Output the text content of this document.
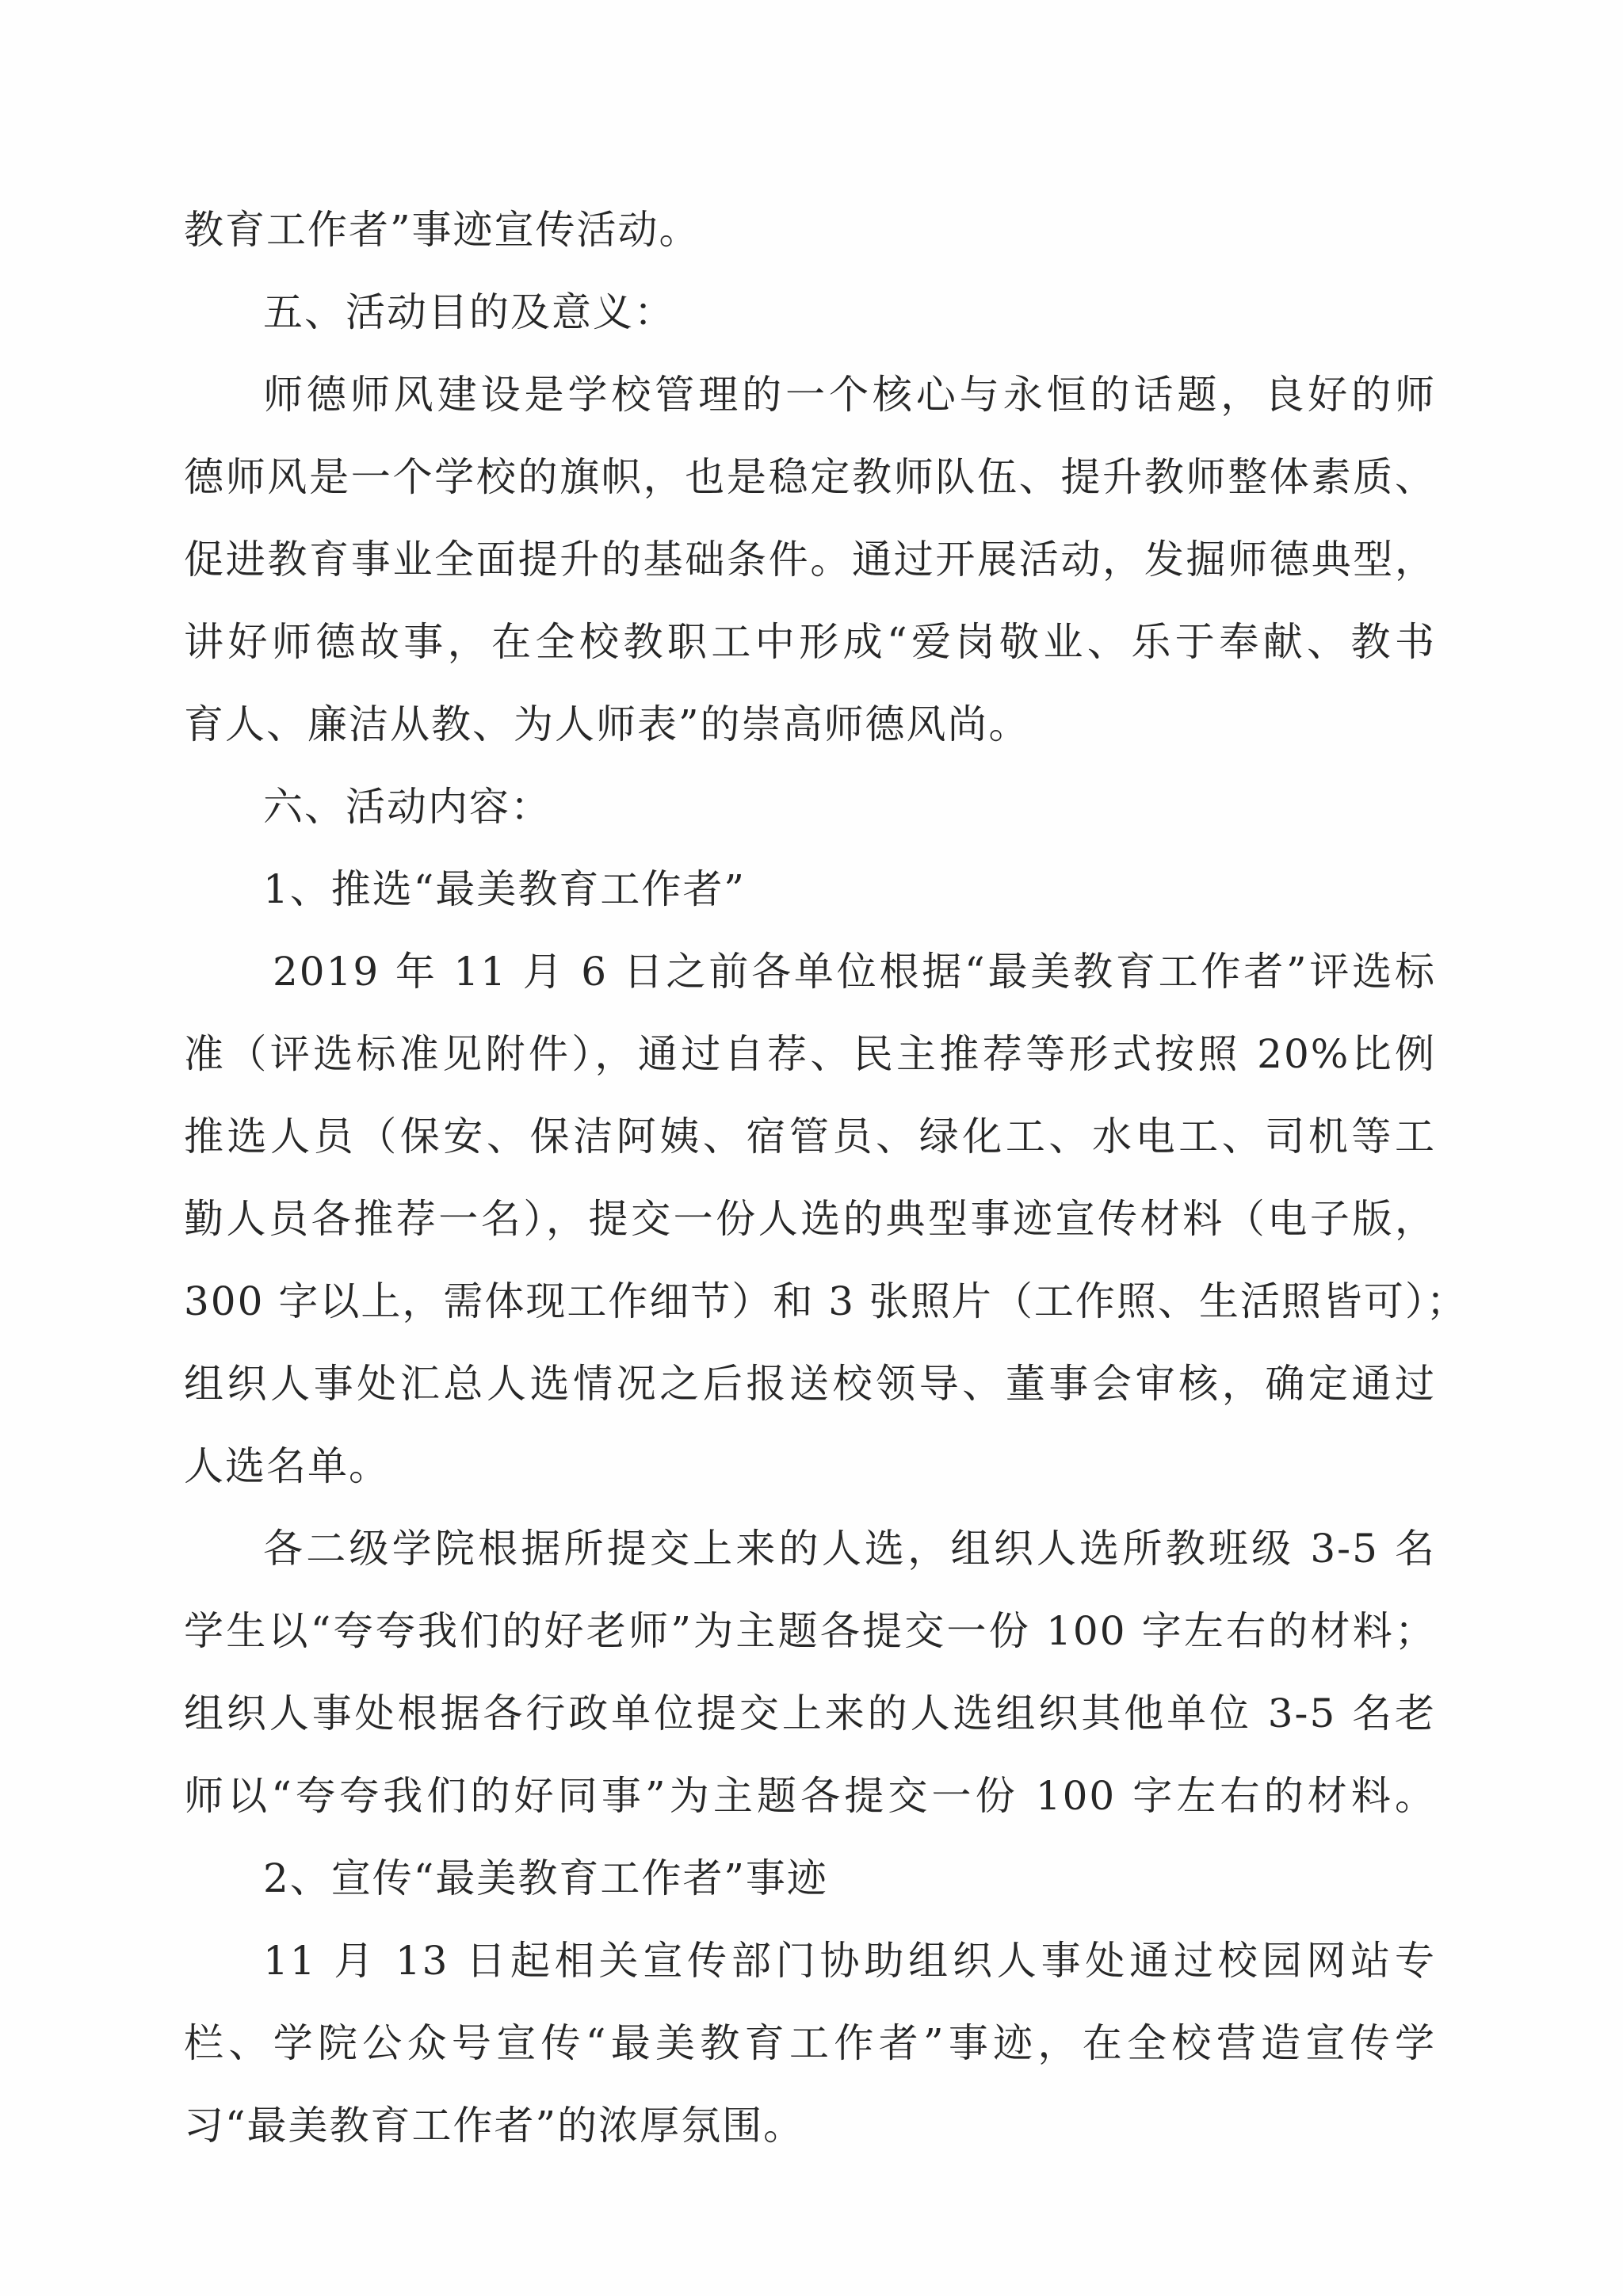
教育工作者”事迹宣传活动。
五、活动目的及意义：
师德师风建设是学校管理的一个核心与永恒的话题，良好的师
德师风是一个学校的旗帜，也是稳定教师队伍、提升教师整体素质、
促进教育事业全面提升的基础条件。通过开展活动，发掘师德典型，
讲好师德故事，在全校教职工中形成“爱岗敬业、乐于奉献、教书
育人、廉洁从教、为人师表”的崇高师德风尚。
六、活动内容：
1、推选“最美教育工作者”
2019 年 11 月 6 日之前各单位根据“最美教育工作者”评选标
准（评选标准见附件），通过自荐、民主推荐等形式按照 20%比例
推选人员（保安、保洁阿姨、宿管员、绿化工、水电工、司机等工
勤人员各推荐一名），提交一份人选的典型事迹宣传材料（电子版，
300 字以上，需体现工作细节）和 3 张照片（工作照、生活照皆可）；
组织人事处汇总人选情况之后报送校领导、董事会审核，确定通过
人选名单。
各二级学院根据所提交上来的人选，组织人选所教班级 3-5 名
学生以“夸夸我们的好老师”为主题各提交一份 100 字左右的材料；
组织人事处根据各行政单位提交上来的人选组织其他单位 3-5 名老
师以“夸夸我们的好同事”为主题各提交一份 100 字左右的材料。
2、宣传“最美教育工作者”事迹
11 月 13 日起相关宣传部门协助组织人事处通过校园网站专
栏、学院公众号宣传“最美教育工作者”事迹，在全校营造宣传学
习“最美教育工作者”的浓厚氛围。
